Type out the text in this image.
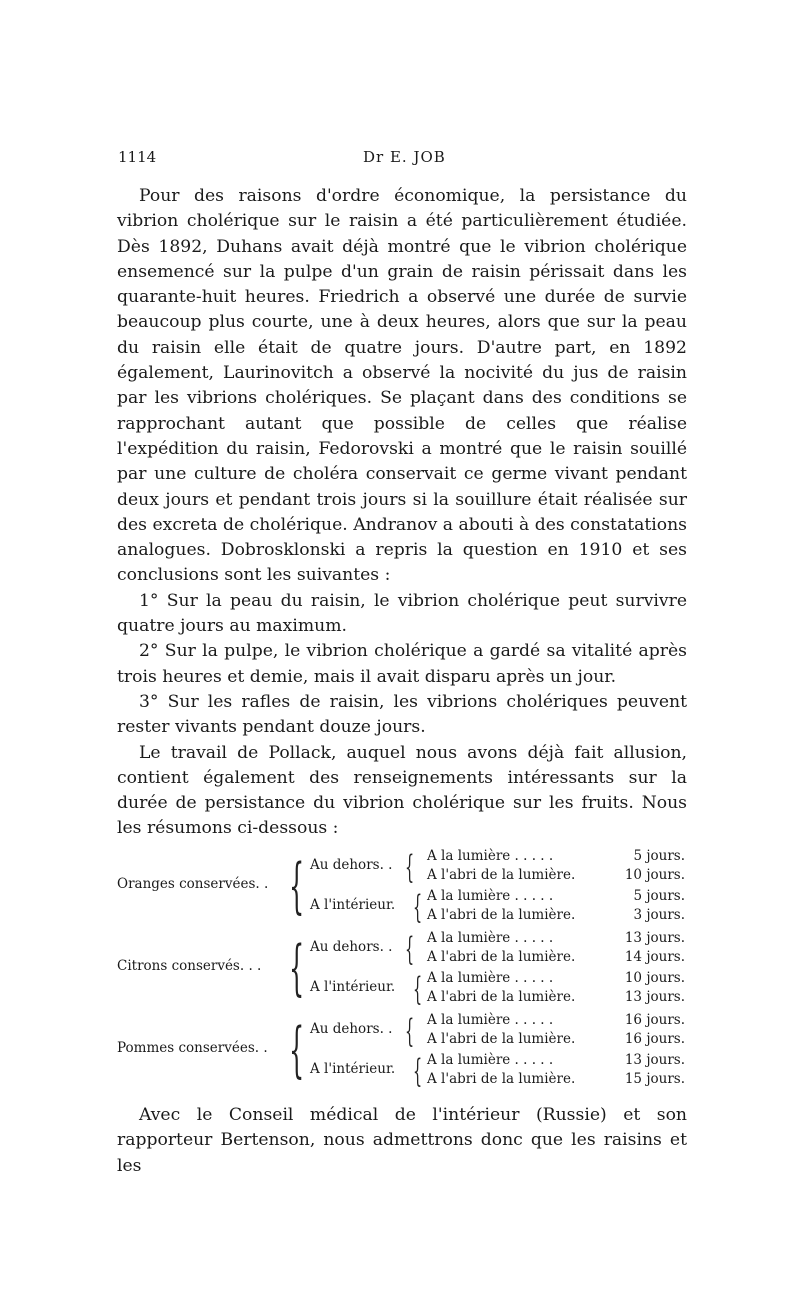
1114	Dr E. JOB

Pour des raisons d'ordre économique, la persistance du vibrion cholérique sur le raisin a été particulièrement étudiée. Dès 1892, Duhans avait déjà montré que le vibrion cholérique ensemencé sur la pulpe d'un grain de raisin périssait dans les quarante-huit heures. Friedrich a observé une durée de survie beaucoup plus courte, une à deux heures, alors que sur la peau du raisin elle était de quatre jours. D'autre part, en 1892 également, Laurinovitch a observé la nocivité du jus de raisin par les vibrions cholériques. Se plaçant dans des conditions se rapprochant autant que possible de celles que réalise l'expédition du raisin, Fedorovski a montré que le raisin souillé par une culture de choléra conservait ce germe vivant pendant deux jours et pendant trois jours si la souillure était réalisée sur des excreta de cholérique. Andranov a abouti à des constatations analogues. Dobrosklonski a repris la question en 1910 et ses conclusions sont les suivantes :

1° Sur la peau du raisin, le vibrion cholérique peut survivre quatre jours au maximum.

2° Sur la pulpe, le vibrion cholérique a gardé sa vitalité après trois heures et demie, mais il avait disparu après un jour.

3° Sur les rafles de raisin, les vibrions cholériques peuvent rester vivants pendant douze jours.

Le travail de Pollack, auquel nous avons déjà fait allusion, contient également des renseignements intéressants sur la durée de persistance du vibrion cholérique sur les fruits. Nous les résumons ci-dessous :

Oranges conservées. . { Au dehors. . { A la lumière . . . . .	5 jours.
A l'abri de la lumière.	10 jours.
A l'intérieur. { A la lumière . . . . .	5 jours.
A l'abri de la lumière.	3 jours.
Citrons conservés. . . { Au dehors. . { A la lumière . . . . .	13 jours.
A l'abri de la lumière.	14 jours.
A l'intérieur. { A la lumière . . . . .	10 jours.
A l'abri de la lumière.	13 jours.
Pommes conservées. . { Au dehors. . { A la lumière . . . . .	16 jours.
A l'abri de la lumière.	16 jours.
A l'intérieur. { A la lumière . . . . .	13 jours.
A l'abri de la lumière.	15 jours.

Avec le Conseil médical de l'intérieur (Russie) et son rapporteur Bertenson, nous admettrons donc que les raisins et les
